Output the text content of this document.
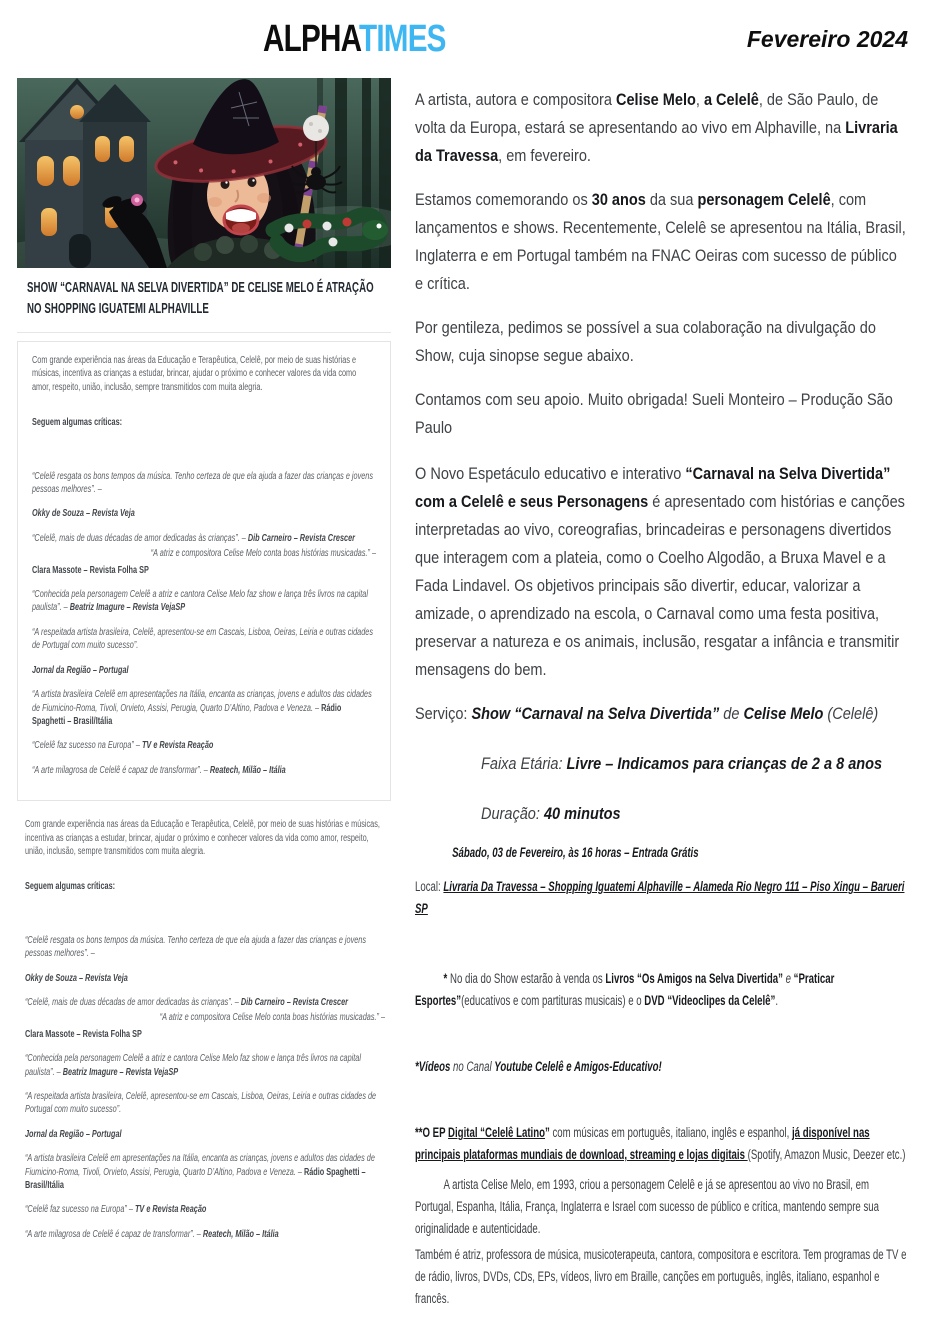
ALPHATIMES	Fevereiro 2024
SHOW “CARNAVAL NA SELVA DIVERTIDA” DE CELISE MELO É ATRAÇÃO NO SHOPPING IGUATEMI ALPHAVILLE

Com grande experiência nas áreas da Educação e Terapêutica, Celelê, por meio de suas histórias e músicas, incentiva as crianças a estudar, brincar, ajudar o próximo e conhecer valores da vida como amor, respeito, união, inclusão, sempre transmitidos com muita alegria.

Seguem algumas críticas:

“Celelê resgata os bons tempos da música. Tenho certeza de que ela ajuda a fazer das crianças e jovens pessoas melhores”. –

Okky de Souza – Revista Veja

“Celelê, mais de duas décadas de amor dedicadas às crianças”. – Dib Carneiro – Revista Crescer

“A atriz e compositora Celise Melo conta boas histórias musicadas.” –

Clara Massote – Revista Folha SP

“Conhecida pela personagem Celelê a atriz e cantora Celise Melo faz show e lança três livros na capital paulista”. – Beatriz Imagure – Revista VejaSP

“A respeitada artista brasileira, Celelê, apresentou-se em Cascais, Lisboa, Oeiras, Leiria e outras cidades de Portugal com muito sucesso”.

Jornal da Região – Portugal

“A artista brasileira Celelê em apresentações na Itália, encanta as crianças, jovens e adultos das cidades de Fiumicino-Roma, Tivoli, Orvieto, Assisi, Perugia, Quarto D’Altino, Padova e Veneza. – Rádio Spaghetti – Brasil/Itália

“Celelê faz sucesso na Europa” – TV e Revista Reação

“A arte milagrosa de Celelê é capaz de transformar”. – Reatech, Milão – Itália

Com grande experiência nas áreas da Educação e Terapêutica, Celelê, por meio de suas histórias e músicas, incentiva as crianças a estudar, brincar, ajudar o próximo e conhecer valores da vida como amor, respeito, união, inclusão, sempre transmitidos com muita alegria.

Seguem algumas críticas:

“Celelê resgata os bons tempos da música. Tenho certeza de que ela ajuda a fazer das crianças e jovens pessoas melhores”. –

Okky de Souza – Revista Veja

“Celelê, mais de duas décadas de amor dedicadas às crianças”. – Dib Carneiro – Revista Crescer

“A atriz e compositora Celise Melo conta boas histórias musicadas.” –

Clara Massote – Revista Folha SP

“Conhecida pela personagem Celelê a atriz e cantora Celise Melo faz show e lança três livros na capital paulista”. – Beatriz Imagure – Revista VejaSP

“A respeitada artista brasileira, Celelê, apresentou-se em Cascais, Lisboa, Oeiras, Leiria e outras cidades de Portugal com muito sucesso”.

Jornal da Região – Portugal

“A artista brasileira Celelê em apresentações na Itália, encanta as crianças, jovens e adultos das cidades de Fiumicino-Roma, Tivoli, Orvieto, Assisi, Perugia, Quarto D’Altino, Padova e Veneza. – Rádio Spaghetti – Brasil/Itália

“Celelê faz sucesso na Europa” – TV e Revista Reação

“A arte milagrosa de Celelê é capaz de transformar”. – Reatech, Milão – Itália

A artista, autora e compositora Celise Melo, a Celelê, de São Paulo, de volta da Europa, estará se apresentando ao vivo em Alphaville, na Livraria da Travessa, em fevereiro.

Estamos comemorando os 30 anos da sua personagem Celelê, com lançamentos e shows. Recentemente, Celelê se apresentou na Itália, Brasil, Inglaterra e em Portugal também na FNAC Oeiras com sucesso de público e crítica.

Por gentileza, pedimos se possível a sua colaboração na divulgação do Show, cuja sinopse segue abaixo.

Contamos com seu apoio. Muito obrigada! Sueli Monteiro – Produção São Paulo

O Novo Espetáculo educativo e interativo “Carnaval na Selva Divertida” com a Celelê e seus Personagens é apresentado com histórias e canções interpretadas ao vivo, coreografias, brincadeiras e personagens divertidos que interagem com a plateia, como o Coelho Algodão, a Bruxa Mavel e a Fada Lindavel. Os objetivos principais são divertir, educar, valorizar a amizade, o aprendizado na escola, o Carnaval como uma festa positiva, preservar a natureza e os animais, inclusão, resgatar a infância e transmitir mensagens do bem.

Serviço: Show “Carnaval na Selva Divertida” de Celise Melo (Celelê)

Faixa Etária: Livre – Indicamos para crianças de 2 a 8 anos

Duração: 40 minutos

Sábado, 03 de Fevereiro, às 16 horas – Entrada Grátis

Local: Livraria Da Travessa – Shopping Iguatemi Alphaville – Alameda Rio Negro 111 – Piso Xingu – Barueri SP

* No dia do Show estarão à venda os Livros “Os Amigos na Selva Divertida” e “Praticar Esportes”(educativos e com partituras musicais) e o DVD “Videoclipes da Celelê”.

*Vídeos no Canal Youtube Celelê e Amigos-Educativo!

**O EP Digital “Celelê Latino” com músicas em português, italiano, inglês e espanhol, já disponível nas principais plataformas mundiais de download, streaming e lojas digitais (Spotify, Amazon Music, Deezer etc.)

A artista Celise Melo, em 1993, criou a personagem Celelê e já se apresentou ao vivo no Brasil, em Portugal, Espanha, Itália, França, Inglaterra e Israel com sucesso de público e crítica, mantendo sempre sua originalidade e autenticidade.

Também é atriz, professora de música, musicoterapeuta, cantora, compositora e escritora. Tem programas de TV e de rádio, livros, DVDs, CDs, EPs, vídeos, livro em Braille, canções em português, inglês, italiano, espanhol e francês.
